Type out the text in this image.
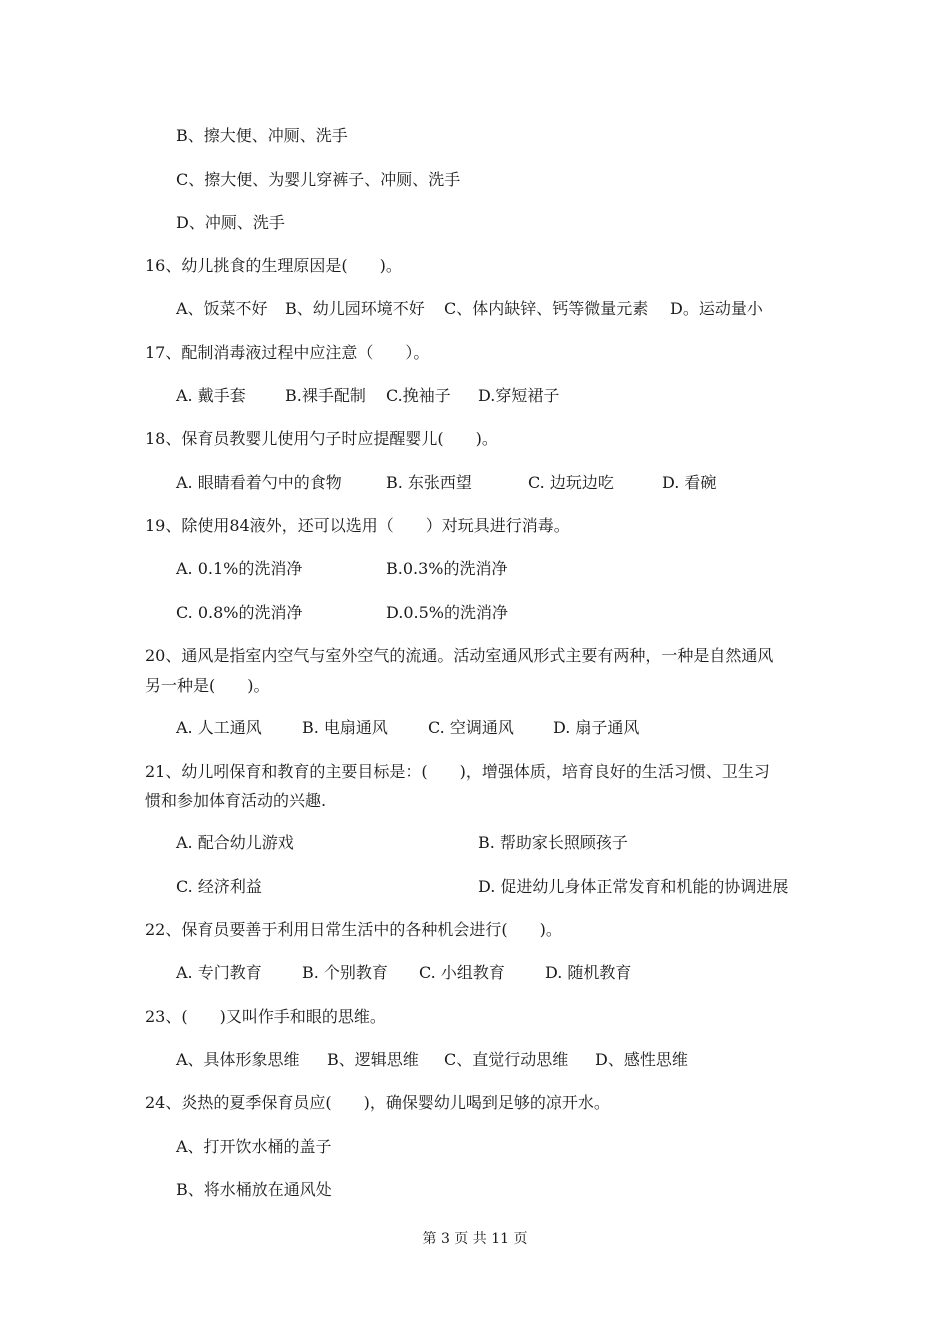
B、擦大便、冲厕、洗手
C、擦大便、为婴儿穿裤子、冲厕、洗手
D、冲厕、洗手
16、幼儿挑食的生理原因是(　　)。
A、饭菜不好 B、幼儿园环境不好 C、体内缺锌、钙等微量元素 D。运动量小
17、配制消毒液过程中应注意（　　）。
A. 戴手套 B.裸手配制 C.挽袖子 D.穿短裙子
18、保育员教婴儿使用勺子时应提醒婴儿(　　)。
A. 眼睛看着勺中的食物	B. 东张西望	C. 边玩边吃	D. 看碗
19、除使用84液外，还可以选用（　　）对玩具进行消毒。
A. 0.1%的洗消净	B.0.3%的洗消净
C. 0.8%的洗消净	D.0.5%的洗消净
20、通风是指室内空气与室外空气的流通。活动室通风形式主要有两种，一种是自然通风
另一种是(　　)。
A. 人工通风	B. 电扇通风	C. 空调通风 D. 扇子通风
21、幼儿吲保育和教育的主要目标是：(　　)，增强体质，培育良好的生活习惯、卫生习
惯和参加体育活动的兴趣.
A. 配合幼儿游戏	B. 帮助家长照顾孩子
C. 经济利益	D. 促进幼儿身体正常发育和机能的协调进展
22、保育员要善于利用日常生活中的各种机会进行(　　)。
A. 专门教育	B. 个别教育 C. 小组教育	D. 随机教育
23、(　　)又叫作手和眼的思维。
A、具体形象思维 B、逻辑思维 C、直觉行动思维 D、感性思维
24、炎热的夏季保育员应(　　)，确保婴幼儿喝到足够的凉开水。
A、打开饮水桶的盖子
B、将水桶放在通风处
第 3 页 共 11 页
